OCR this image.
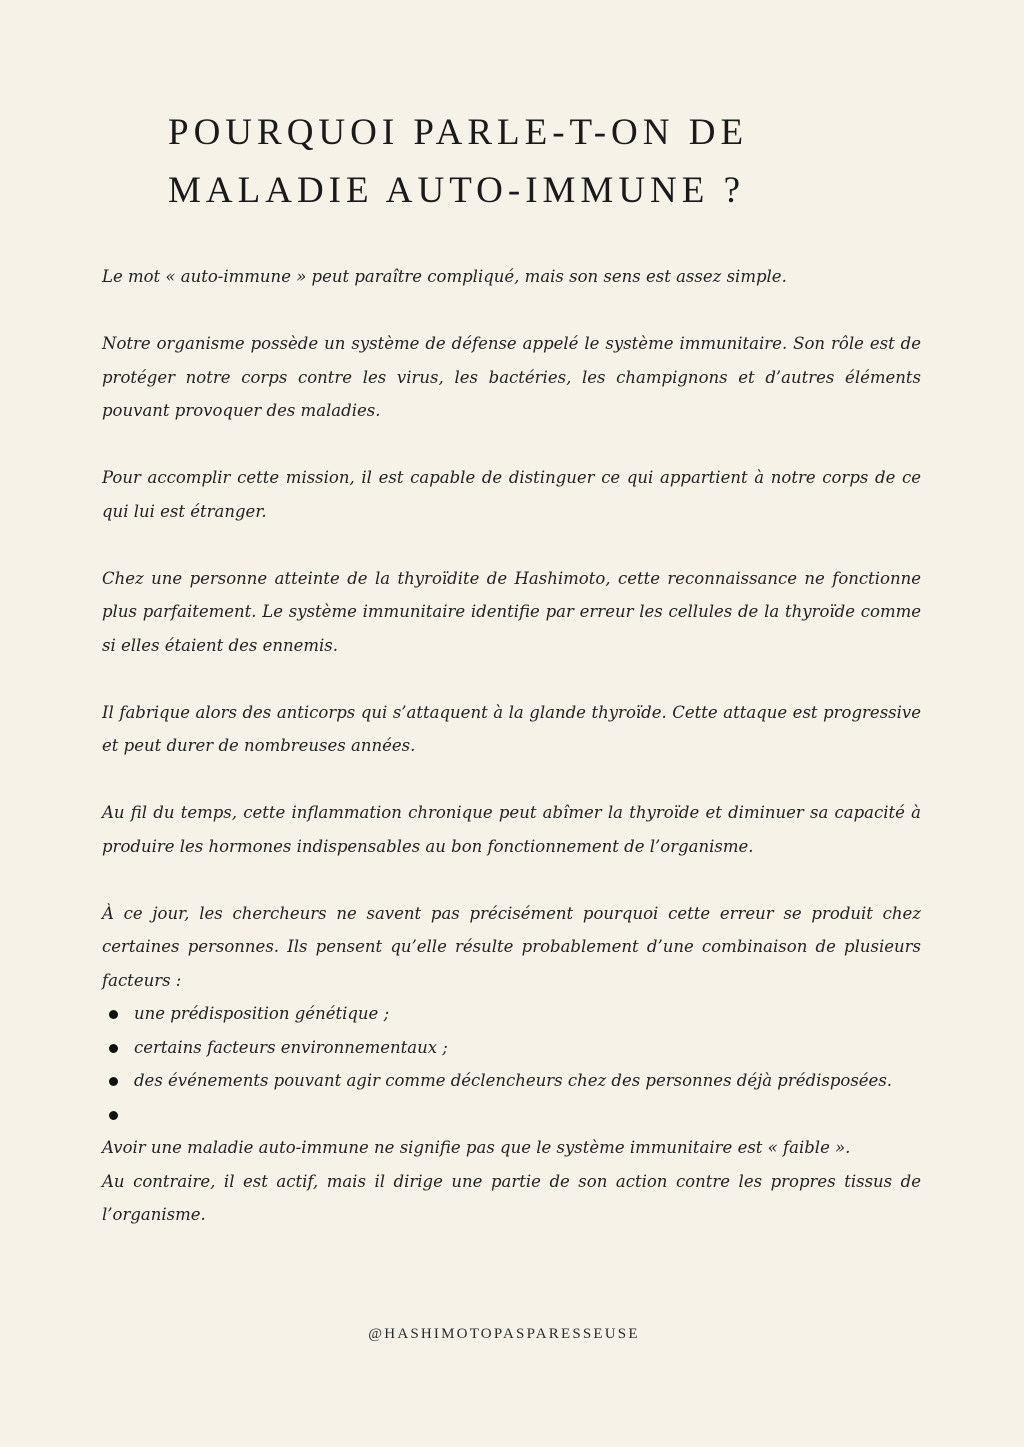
POURQUOI PARLE-T-ON DE
MALADIE AUTO-IMMUNE ?

Le mot « auto-immune » peut paraître compliqué, mais son sens est assez simple.

Notre organisme possède un système de défense appelé le système immunitaire. Son rôle est de protéger notre corps contre les virus, les bactéries, les champignons et d’autres éléments pouvant provoquer des maladies.

Pour accomplir cette mission, il est capable de distinguer ce qui appartient à notre corps de ce qui lui est étranger.

Chez une personne atteinte de la thyroïdite de Hashimoto, cette reconnaissance ne fonctionne plus parfaitement. Le système immunitaire identifie par erreur les cellules de la thyroïde comme si elles étaient des ennemis.

Il fabrique alors des anticorps qui s’attaquent à la glande thyroïde. Cette attaque est progressive et peut durer de nombreuses années.

Au fil du temps, cette inflammation chronique peut abîmer la thyroïde et diminuer sa capacité à produire les hormones indispensables au bon fonctionnement de l’organisme.

À ce jour, les chercheurs ne savent pas précisément pourquoi cette erreur se produit chez certaines personnes. Ils pensent qu’elle résulte probablement d’une combinaison de plusieurs facteurs :

une prédisposition génétique ;
certains facteurs environnementaux ;
des événements pouvant agir comme déclencheurs chez des personnes déjà prédisposées.

Avoir une maladie auto-immune ne signifie pas que le système immunitaire est « faible ».

Au contraire, il est actif, mais il dirige une partie de son action contre les propres tissus de l’organisme.

@HASHIMOTOPASPARESSEUSE
